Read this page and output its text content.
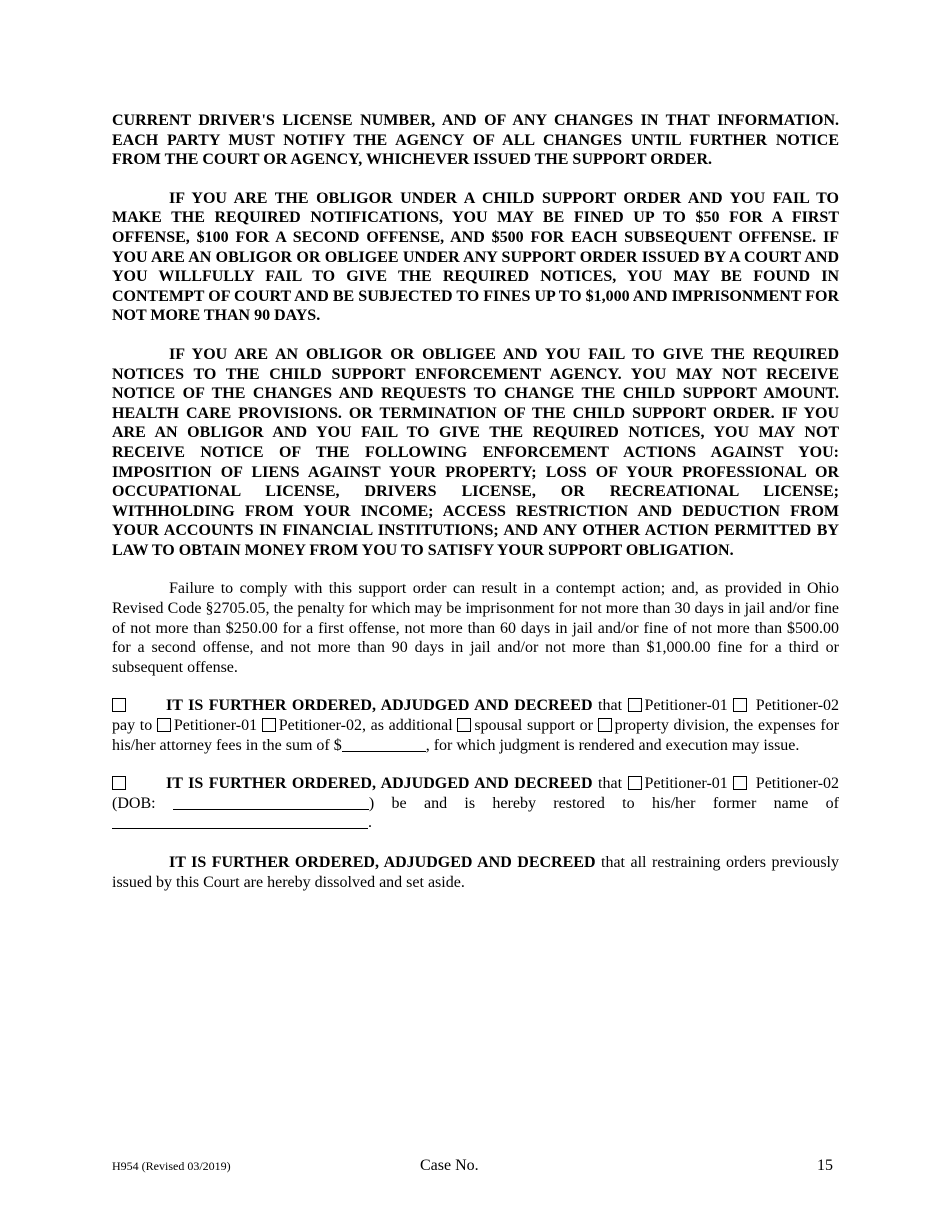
CURRENT DRIVER'S LICENSE NUMBER, AND OF ANY CHANGES IN THAT INFORMATION. EACH PARTY MUST NOTIFY THE AGENCY OF ALL CHANGES UNTIL FURTHER NOTICE FROM THE COURT OR AGENCY, WHICHEVER ISSUED THE SUPPORT ORDER.

IF YOU ARE THE OBLIGOR UNDER A CHILD SUPPORT ORDER AND YOU FAIL TO MAKE THE REQUIRED NOTIFICATIONS, YOU MAY BE FINED UP TO $50 FOR A FIRST OFFENSE, $100 FOR A SECOND OFFENSE, AND $500 FOR EACH SUBSEQUENT OFFENSE. IF YOU ARE AN OBLIGOR OR OBLIGEE UNDER ANY SUPPORT ORDER ISSUED BY A COURT AND YOU WILLFULLY FAIL TO GIVE THE REQUIRED NOTICES, YOU MAY BE FOUND IN CONTEMPT OF COURT AND BE SUBJECTED TO FINES UP TO $1,000 AND IMPRISONMENT FOR NOT MORE THAN 90 DAYS.

IF YOU ARE AN OBLIGOR OR OBLIGEE AND YOU FAIL TO GIVE THE REQUIRED NOTICES TO THE CHILD SUPPORT ENFORCEMENT AGENCY. YOU MAY NOT RECEIVE NOTICE OF THE CHANGES AND REQUESTS TO CHANGE THE CHILD SUPPORT AMOUNT. HEALTH CARE PROVISIONS. OR TERMINATION OF THE CHILD SUPPORT ORDER. IF YOU ARE AN OBLIGOR AND YOU FAIL TO GIVE THE REQUIRED NOTICES, YOU MAY NOT RECEIVE NOTICE OF THE FOLLOWING ENFORCEMENT ACTIONS AGAINST YOU: IMPOSITION OF LIENS AGAINST YOUR PROPERTY; LOSS OF YOUR PROFESSIONAL OR OCCUPATIONAL LICENSE, DRIVERS LICENSE, OR RECREATIONAL LICENSE; WITHHOLDING FROM YOUR INCOME; ACCESS RESTRICTION AND DEDUCTION FROM YOUR ACCOUNTS IN FINANCIAL INSTITUTIONS; AND ANY OTHER ACTION PERMITTED BY LAW TO OBTAIN MONEY FROM YOU TO SATISFY YOUR SUPPORT OBLIGATION.

Failure to comply with this support order can result in a contempt action; and, as provided in Ohio Revised Code §2705.05, the penalty for which may be imprisonment for not more than 30 days in jail and/or fine of not more than $250.00 for a first offense, not more than 60 days in jail and/or fine of not more than $500.00 for a second offense, and not more than 90 days in jail and/or not more than $1,000.00 fine for a third or subsequent offense.

IT IS FURTHER ORDERED, ADJUDGED AND DECREED that Petitioner-01  Petitioner-02 pay to Petitioner-01 Petitioner-02, as additional spousal support or property division, the expenses for his/her attorney fees in the sum of $	, for which judgment is rendered and execution may issue.

IT IS FURTHER ORDERED, ADJUDGED AND DECREED that Petitioner-01  Petitioner-02 (DOB:	) be and is hereby restored to his/her former name of .

IT IS FURTHER ORDERED, ADJUDGED AND DECREED that all restraining orders previously issued by this Court are hereby dissolved and set aside.

H954 (Revised 03/2019)	Case No.	15
